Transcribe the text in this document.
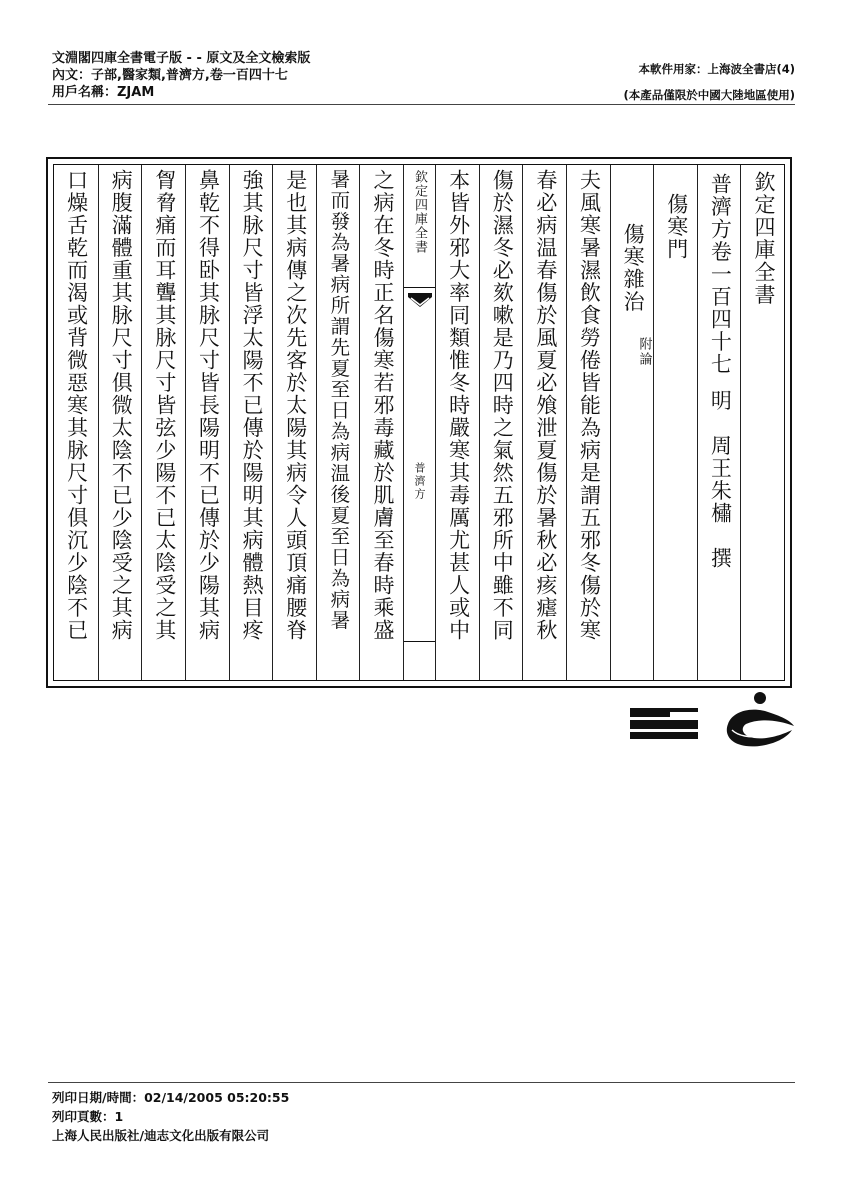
文淵閣四庫全書電子版 - - 原文及全文檢索版
內文：子部,醫家類,普濟方,卷一百四十七
用戶名稱：ZJAM
本軟件用家：上海波全書店(4)
(本產品僅限於中國大陸地區使用)
口燥舌乾而渴或背微惡寒其脉尺寸俱沉少陰不已 病腹滿體重其脉尺寸俱微太陰不已少陰受之其病 胷脅痛而耳聾其脉尺寸皆弦少陽不已太陰受之其 鼻乾不得卧其脉尺寸皆長陽明不已傳於少陽其病 強其脉尺寸皆浮太陽不已傳於陽明其病體熱目疼 是也其病傳之次先客於太陽其病令人頭頂痛腰脊	暑而發為暑病所謂先夏至日為病温後夏至日為病暑 之病在冬時正名傷寒若邪毒藏於肌膚至春時乘盛	欽定四庫全書
普濟方 本皆外邪大率同類惟冬時嚴寒其毒厲尤甚人或中 傷於濕冬必欬嗽是乃四時之氣然五邪所中雖不同 春必病温春傷於風夏必飧泄夏傷於暑秋必痎瘧秋 夫風寒暑濕飲食勞倦皆能為病是謂五邪冬傷於寒 傷寒雜治
附論
傷寒門 普濟方卷一百四十七明　周王朱橚　撰
欽定四庫全書
列印日期/時間：02/14/2005 05:20:55
列印頁數：1
上海人民出版社/迪志文化出版有限公司
